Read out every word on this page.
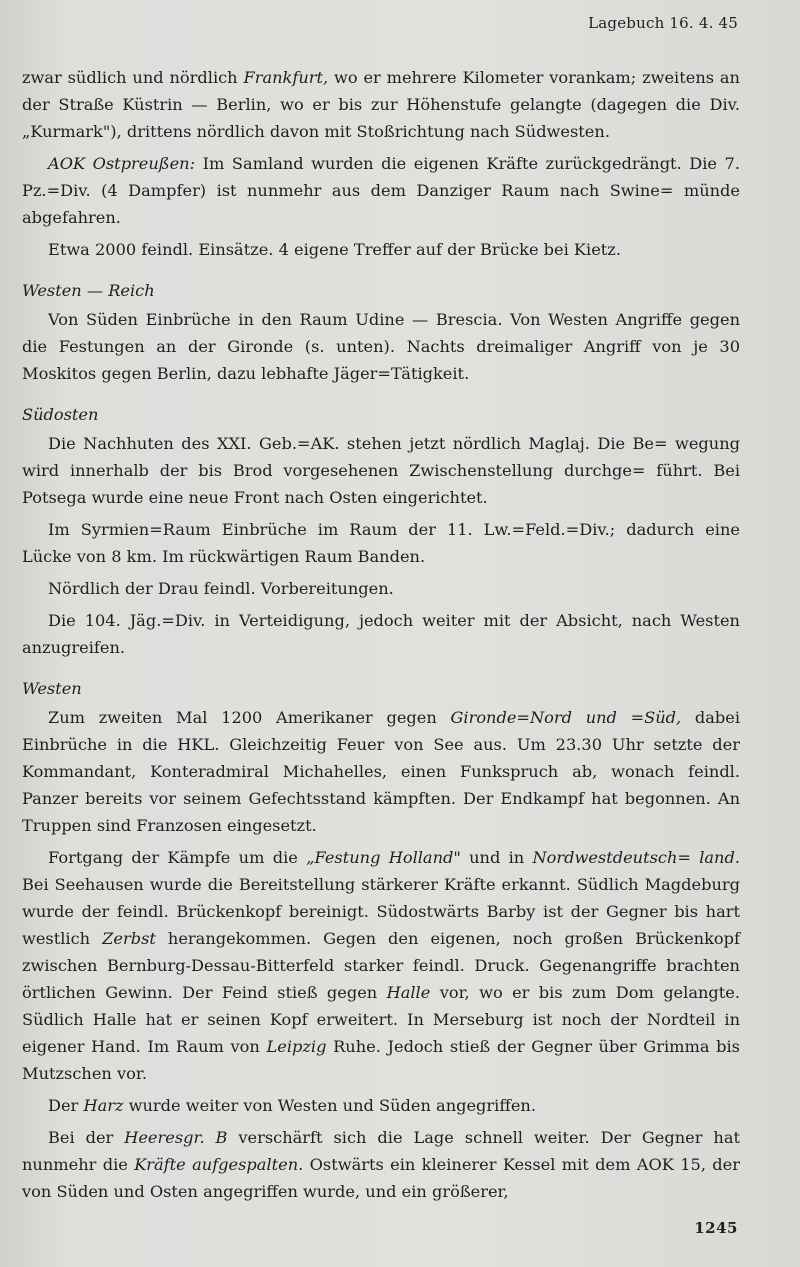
Lagebuch 16. 4. 45

zwar südlich und nördlich Frankfurt, wo er mehrere Kilometer vorankam; zweitens an der Straße Küstrin — Berlin, wo er bis zur Höhenstufe gelangte (dagegen die Div. „Kurmark"), drittens nördlich davon mit Stoßrichtung nach Südwesten.

AOK Ostpreußen: Im Samland wurden die eigenen Kräfte zurückgedrängt. Die 7. Pz.=Div. (4 Dampfer) ist nunmehr aus dem Danziger Raum nach Swine= münde abgefahren.

Etwa 2000 feindl. Einsätze. 4 eigene Treffer auf der Brücke bei Kietz.

Westen — Reich

Von Süden Einbrüche in den Raum Udine — Brescia. Von Westen Angriffe gegen die Festungen an der Gironde (s. unten). Nachts dreimaliger Angriff von je 30 Moskitos gegen Berlin, dazu lebhafte Jäger=Tätigkeit.

Südosten

Die Nachhuten des XXI. Geb.=AK. stehen jetzt nördlich Maglaj. Die Be= wegung wird innerhalb der bis Brod vorgesehenen Zwischenstellung durchge= führt. Bei Potsega wurde eine neue Front nach Osten eingerichtet.

Im Syrmien=Raum Einbrüche im Raum der 11. Lw.=Feld.=Div.; dadurch eine Lücke von 8 km. Im rückwärtigen Raum Banden.

Nördlich der Drau feindl. Vorbereitungen.

Die 104. Jäg.=Div. in Verteidigung, jedoch weiter mit der Absicht, nach Westen anzugreifen.

Westen

Zum zweiten Mal 1200 Amerikaner gegen Gironde=Nord und =Süd, dabei Einbrüche in die HKL. Gleichzeitig Feuer von See aus. Um 23.30 Uhr setzte der Kommandant, Konteradmiral Michahelles, einen Funkspruch ab, wonach feindl. Panzer bereits vor seinem Gefechtsstand kämpften. Der Endkampf hat begonnen. An Truppen sind Franzosen eingesetzt.

Fortgang der Kämpfe um die „Festung Holland" und in Nordwestdeutsch= land. Bei Seehausen wurde die Bereitstellung stärkerer Kräfte erkannt. Südlich Magdeburg wurde der feindl. Brückenkopf bereinigt. Südostwärts Barby ist der Gegner bis hart westlich Zerbst herangekommen. Gegen den eigenen, noch großen Brückenkopf zwischen Bernburg-Dessau-Bitterfeld starker feindl. Druck. Gegenangriffe brachten örtlichen Gewinn. Der Feind stieß gegen Halle vor, wo er bis zum Dom gelangte. Südlich Halle hat er seinen Kopf erweitert. In Merseburg ist noch der Nordteil in eigener Hand. Im Raum von Leipzig Ruhe. Jedoch stieß der Gegner über Grimma bis Mutzschen vor.

Der Harz wurde weiter von Westen und Süden angegriffen.

Bei der Heeresgr. B verschärft sich die Lage schnell weiter. Der Gegner hat nunmehr die Kräfte aufgespalten. Ostwärts ein kleinerer Kessel mit dem AOK 15, der von Süden und Osten angegriffen wurde, und ein größerer,

1245
